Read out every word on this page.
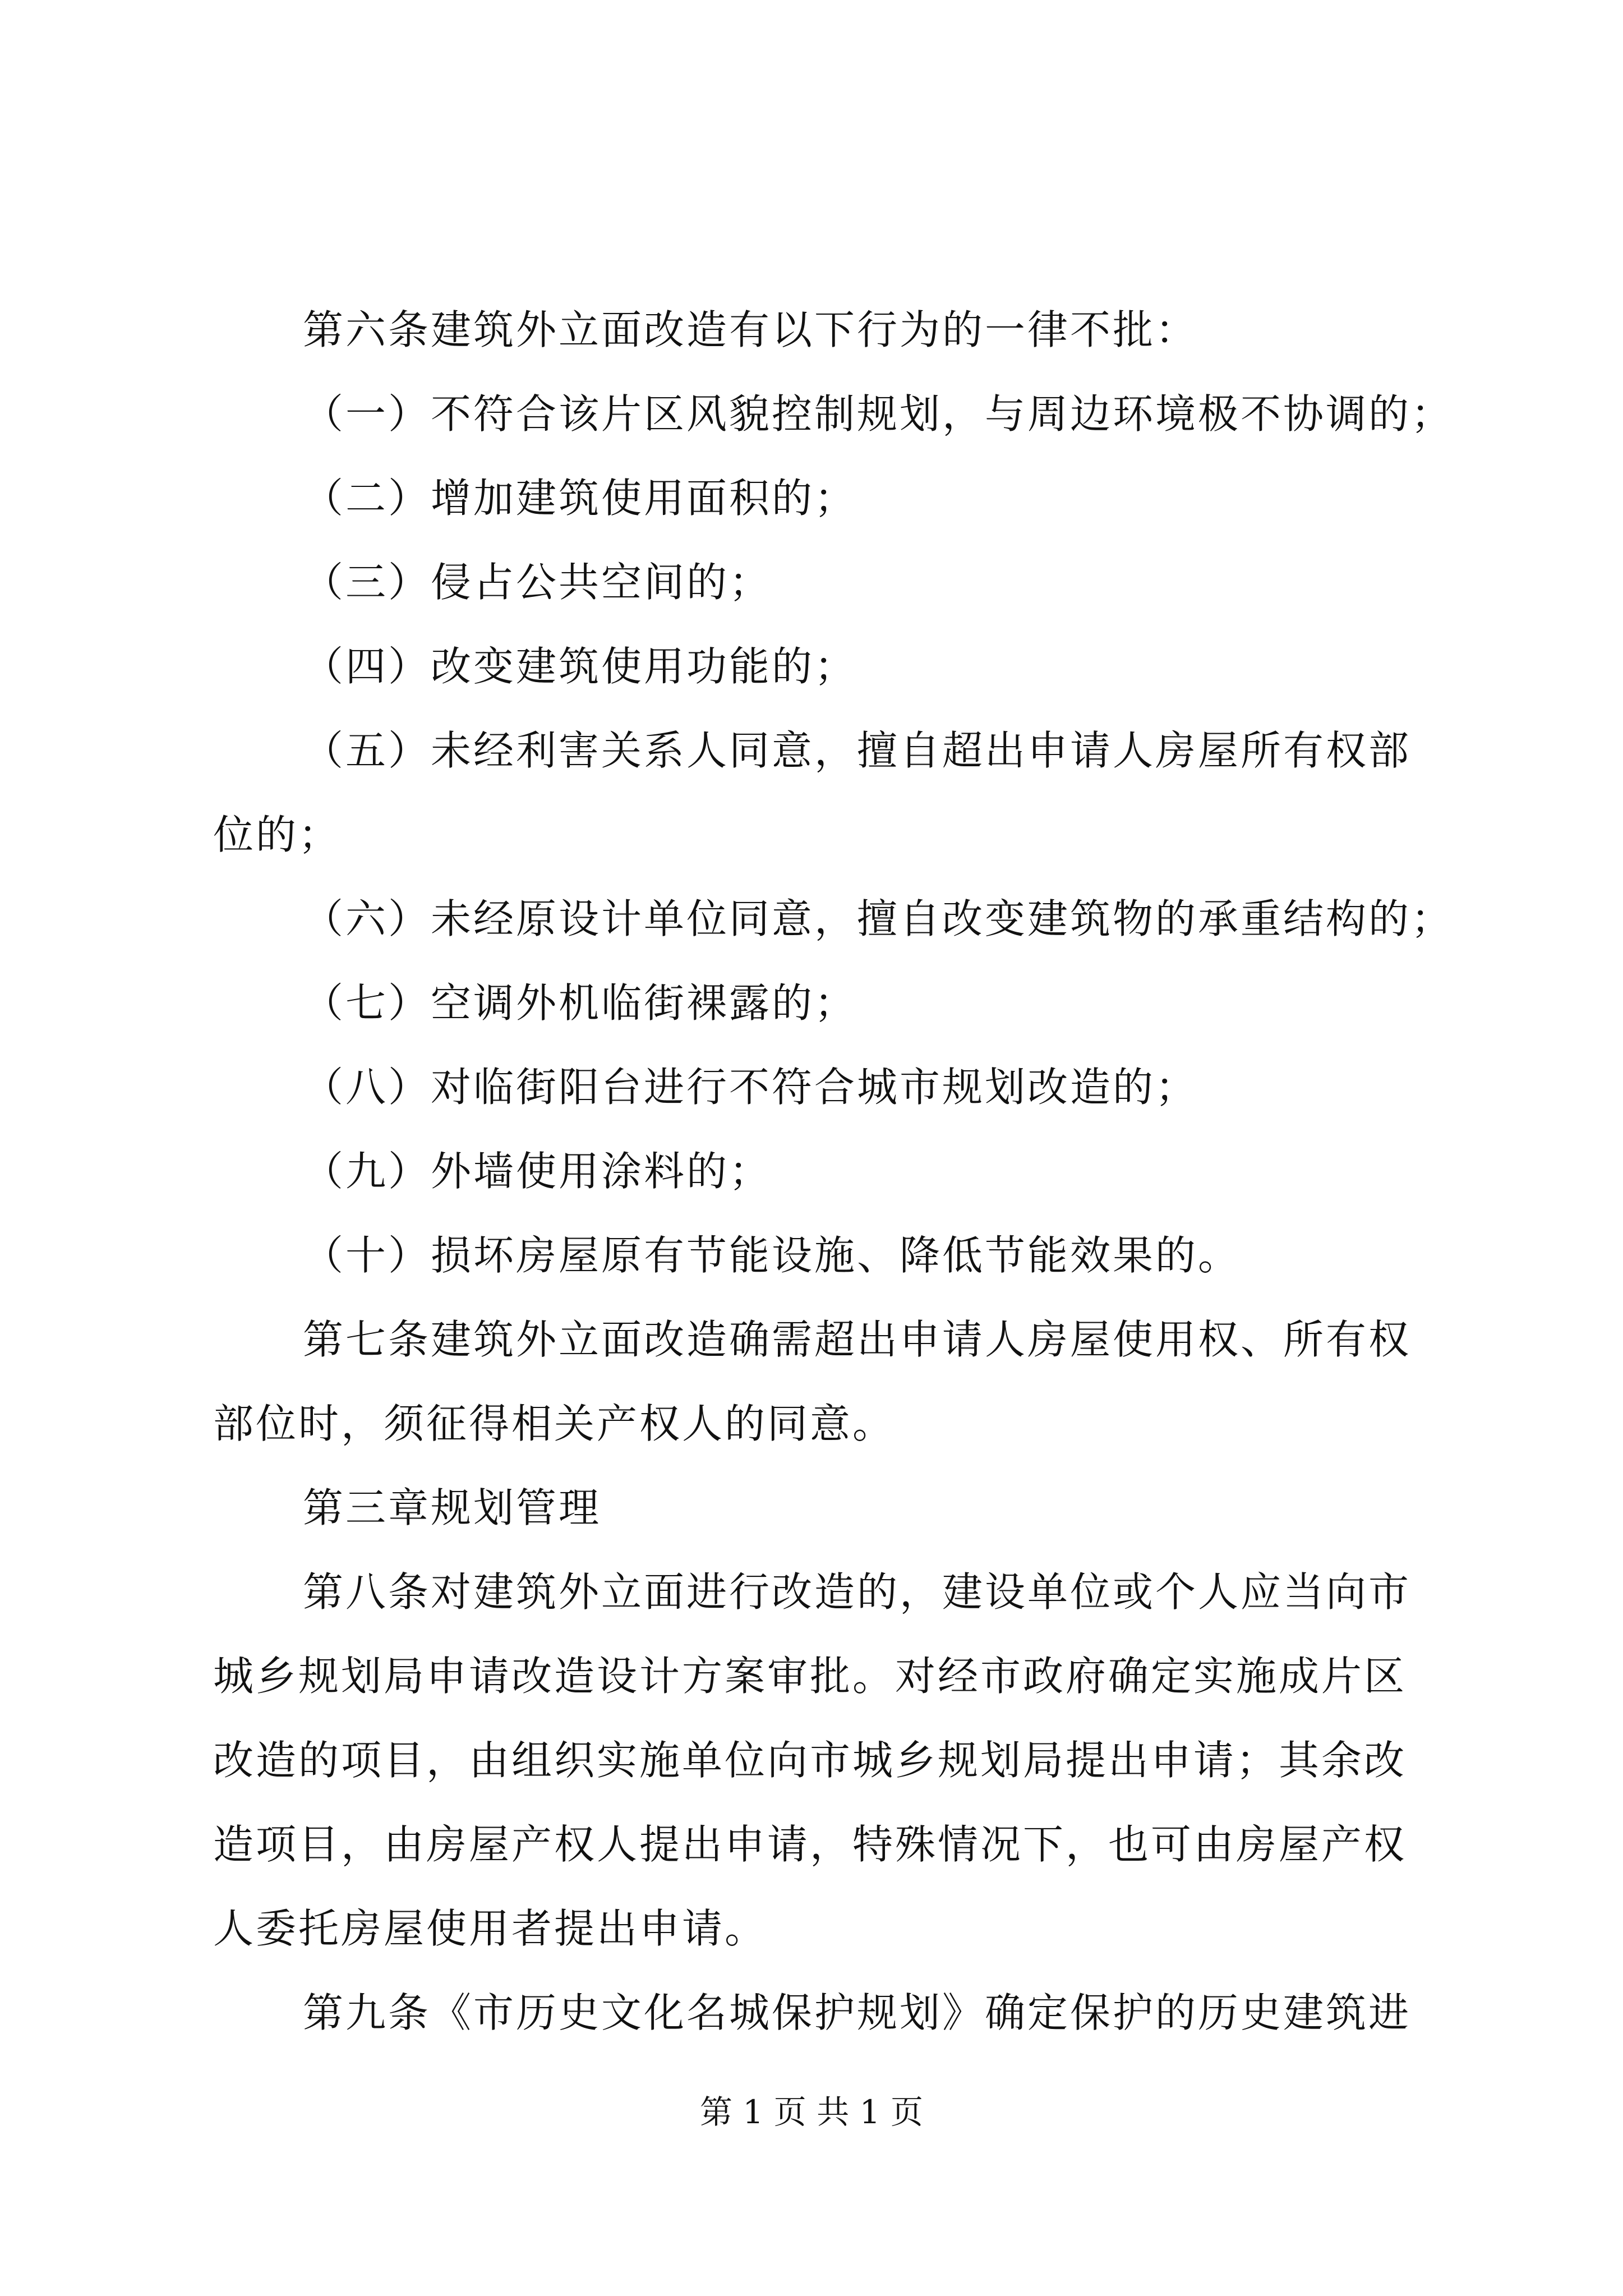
第六条建筑外立面改造有以下行为的一律不批：
（一）不符合该片区风貌控制规划，与周边环境极不协调的；
（二）增加建筑使用面积的；
（三）侵占公共空间的；
（四）改变建筑使用功能的；
（五）未经利害关系人同意，擅自超出申请人房屋所有权部
位的；
（六）未经原设计单位同意，擅自改变建筑物的承重结构的；
（七）空调外机临街裸露的；
（八）对临街阳台进行不符合城市规划改造的；
（九）外墙使用涂料的；
（十）损坏房屋原有节能设施、降低节能效果的。
第七条建筑外立面改造确需超出申请人房屋使用权、所有权
部位时，须征得相关产权人的同意。
第三章规划管理
第八条对建筑外立面进行改造的，建设单位或个人应当向市
城乡规划局申请改造设计方案审批。对经市政府确定实施成片区
改造的项目，由组织实施单位向市城乡规划局提出申请；其余改
造项目，由房屋产权人提出申请，特殊情况下，也可由房屋产权
人委托房屋使用者提出申请。
第九条《市历史文化名城保护规划》确定保护的历史建筑进
第 1 页 共 1 页
